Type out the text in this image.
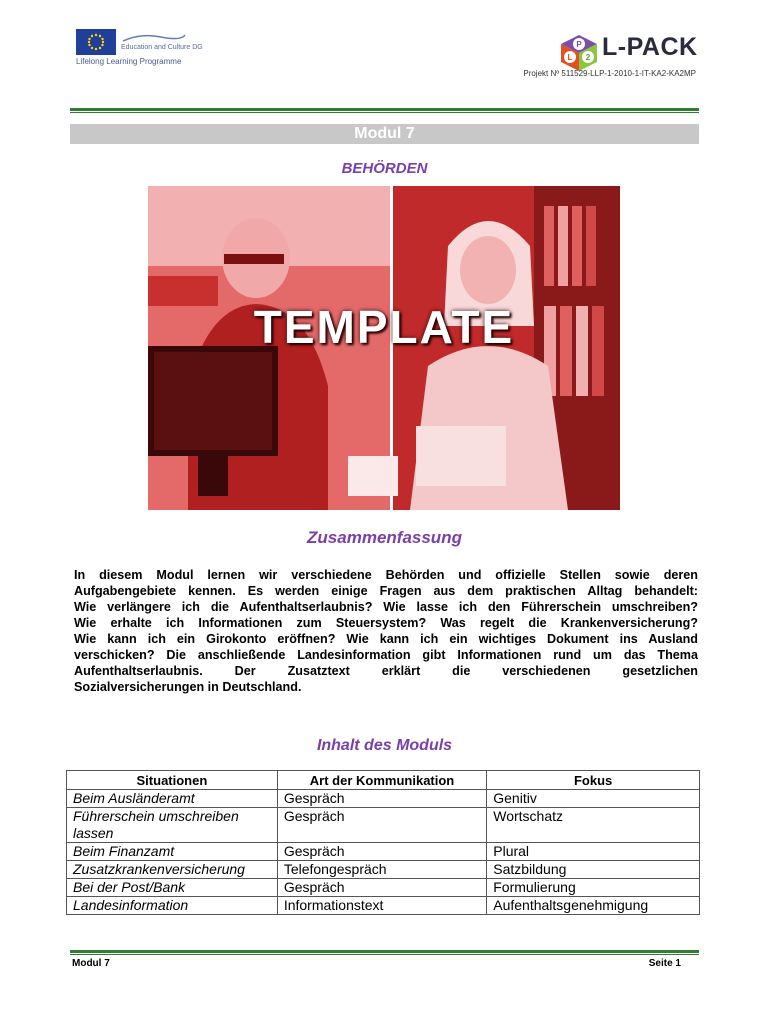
Education and Culture DG
Lifelong Learning Programme
P
L 2 L-PACK
Projekt Nº 511529-LLP-1-2010-1-IT-KA2-KA2MP
Modul 7
BEHÖRDEN
TEMPLATE
Zusammenfassung
In diesem Modul lernen wir verschiedene Behörden und offizielle Stellen sowie deren
Aufgabengebiete kennen. Es werden einige Fragen aus dem praktischen Alltag behandelt:
Wie verlängere ich die Aufenthaltserlaubnis? Wie lasse ich den Führerschein umschreiben?
Wie erhalte ich Informationen zum Steuersystem? Was regelt die Krankenversicherung?
Wie kann ich ein Girokonto eröffnen? Wie kann ich ein wichtiges Dokument ins Ausland
verschicken? Die anschließende Landesinformation gibt Informationen rund um das Thema
Aufenthaltserlaubnis. Der Zusatztext erklärt die verschiedenen gesetzlichen
Sozialversicherungen in Deutschland.
Inhalt des Moduls
Situationen	Art der Kommunikation	Fokus
Beim Ausländeramt	Gespräch	Genitiv
Führerschein umschreiben lassen	Gespräch	Wortschatz
Beim Finanzamt	Gespräch	Plural
Zusatzkrankenversicherung	Telefongespräch	Satzbildung
Bei der Post/Bank	Gespräch	Formulierung
Landesinformation	Informationstext	Aufenthaltsgenehmigung
Modul 7	Seite 1
